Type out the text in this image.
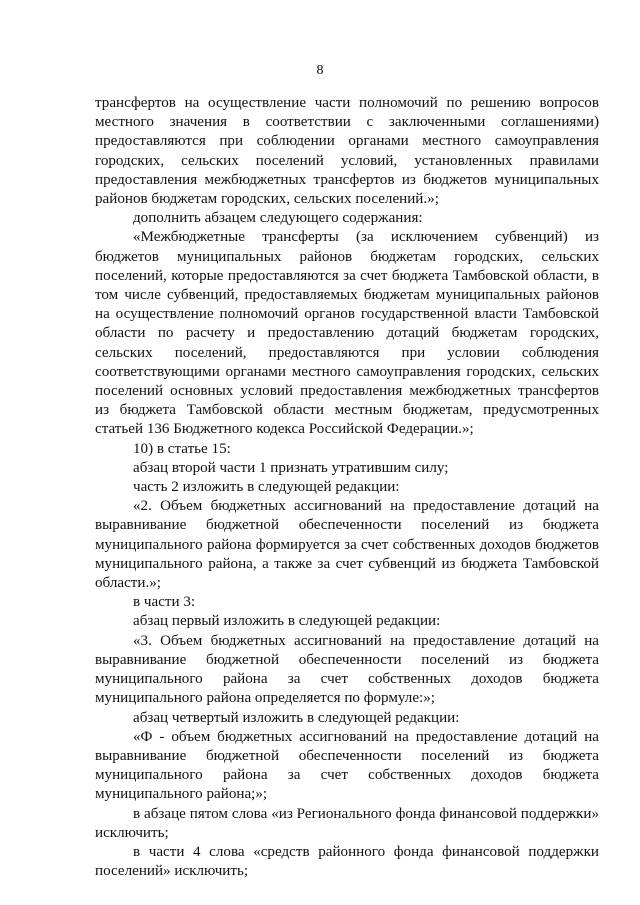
8

трансфертов на осуществление части полномочий по решению вопросов местного значения в соответствии с заключенными соглашениями) предоставляются при соблюдении органами местного самоуправления городских, сельских поселений условий, установленных правилами предоставления межбюджетных трансфертов из бюджетов муниципальных районов бюджетам городских, сельских поселений.»;

дополнить абзацем следующего содержания:

«Межбюджетные трансферты (за исключением субвенций) из бюджетов муниципальных районов бюджетам городских, сельских поселений, которые предоставляются за счет бюджета Тамбовской области, в том числе субвенций, предоставляемых бюджетам муниципальных районов на осуществление полномочий органов государственной власти Тамбовской области по расчету и предоставлению дотаций бюджетам городских, сельских поселений, предоставляются при условии соблюдения соответствующими органами местного самоуправления городских, сельских поселений основных условий предоставления межбюджетных трансфертов из бюджета Тамбовской области местным бюджетам, предусмотренных статьей 136 Бюджетного кодекса Российской Федерации.»;

10) в статье 15:

абзац второй части 1 признать утратившим силу;

часть 2 изложить в следующей редакции:

«2. Объем бюджетных ассигнований на предоставление дотаций на выравнивание бюджетной обеспеченности поселений из бюджета муниципального района формируется за счет собственных доходов бюджетов муниципального района, а также за счет субвенций из бюджета Тамбовской области.»;

в части 3:

абзац первый изложить в следующей редакции:

«3. Объем бюджетных ассигнований на предоставление дотаций на выравнивание бюджетной обеспеченности поселений из бюджета муниципального района за счет собственных доходов бюджета муниципального района определяется по формуле:»;

абзац четвертый изложить в следующей редакции:

«Ф - объем бюджетных ассигнований на предоставление дотаций на выравнивание бюджетной обеспеченности поселений из бюджета муниципального района за счет собственных доходов бюджета муниципального района;»;

в абзаце пятом слова «из Регионального фонда финансовой поддержки» исключить;

в части 4 слова «средств районного фонда финансовой поддержки поселений» исключить;
